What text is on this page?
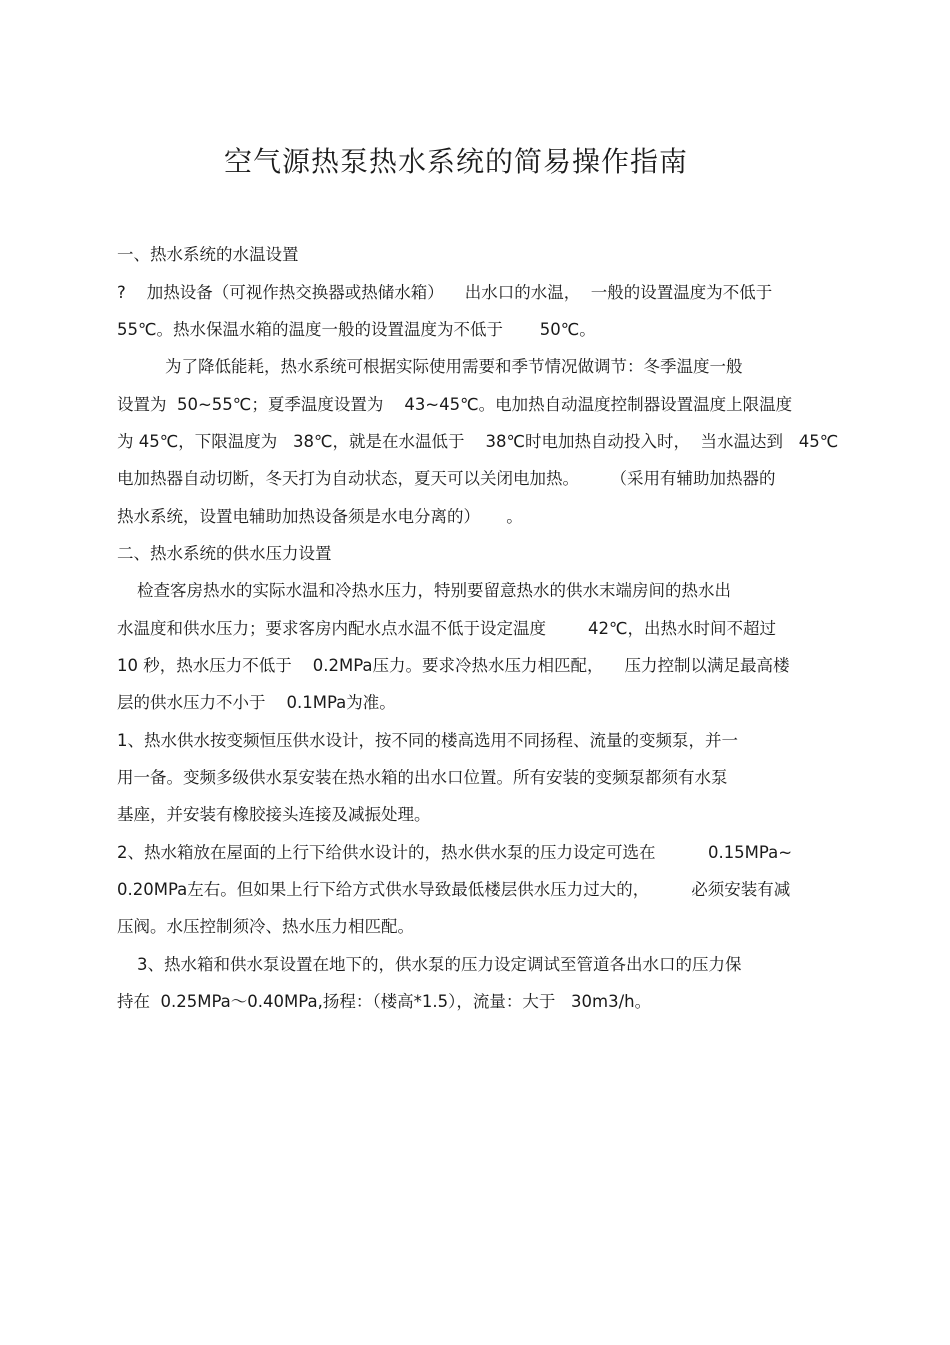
空气源热泵热水系统的简易操作指南
一、热水系统的水温设置
?    加热设备（可视作热交换器或热储水箱）    出水口的水温，  一般的设置温度为不低于
55℃。热水保温水箱的温度一般的设置温度为不低于       50℃。
为了降低能耗，热水系统可根据实际使用需要和季节情况做调节：冬季温度一般
设置为  50~55℃；夏季温度设置为    43~45℃。电加热自动温度控制器设置温度上限温度
为 45℃，下限温度为   38℃，就是在水温低于    38℃时电加热自动投入时，  当水温达到   45℃
电加热器自动切断，冬天打为自动状态，夏天可以关闭电加热。      （采用有辅助加热器的
热水系统，设置电辅助加热设备须是水电分离的）     。
二、热水系统的供水压力设置
检查客房热水的实际水温和冷热水压力，特别要留意热水的供水末端房间的热水出
水温度和供水压力；要求客房内配水点水温不低于设定温度        42℃，出热水时间不超过
10 秒，热水压力不低于    0.2MPa压力。要求冷热水压力相匹配，    压力控制以满足最高楼
层的供水压力不小于    0.1MPa为准。
1、热水供水按变频恒压供水设计，按不同的楼高选用不同扬程、流量的变频泵，并一
用一备。变频多级供水泵安装在热水箱的出水口位置。所有安装的变频泵都须有水泵
基座，并安装有橡胶接头连接及减振处理。
2、热水箱放在屋面的上行下给供水设计的，热水供水泵的压力设定可选在          0.15MPa~
0.20MPa左右。但如果上行下给方式供水导致最低楼层供水压力过大的，        必须安装有减
压阀。水压控制须冷、热水压力相匹配。
3、热水箱和供水泵设置在地下的，供水泵的压力设定调试至管道各出水口的压力保
持在  0.25MPa～0.40MPa,扬程：（楼高*1.5），流量：大于   30m3/h。
